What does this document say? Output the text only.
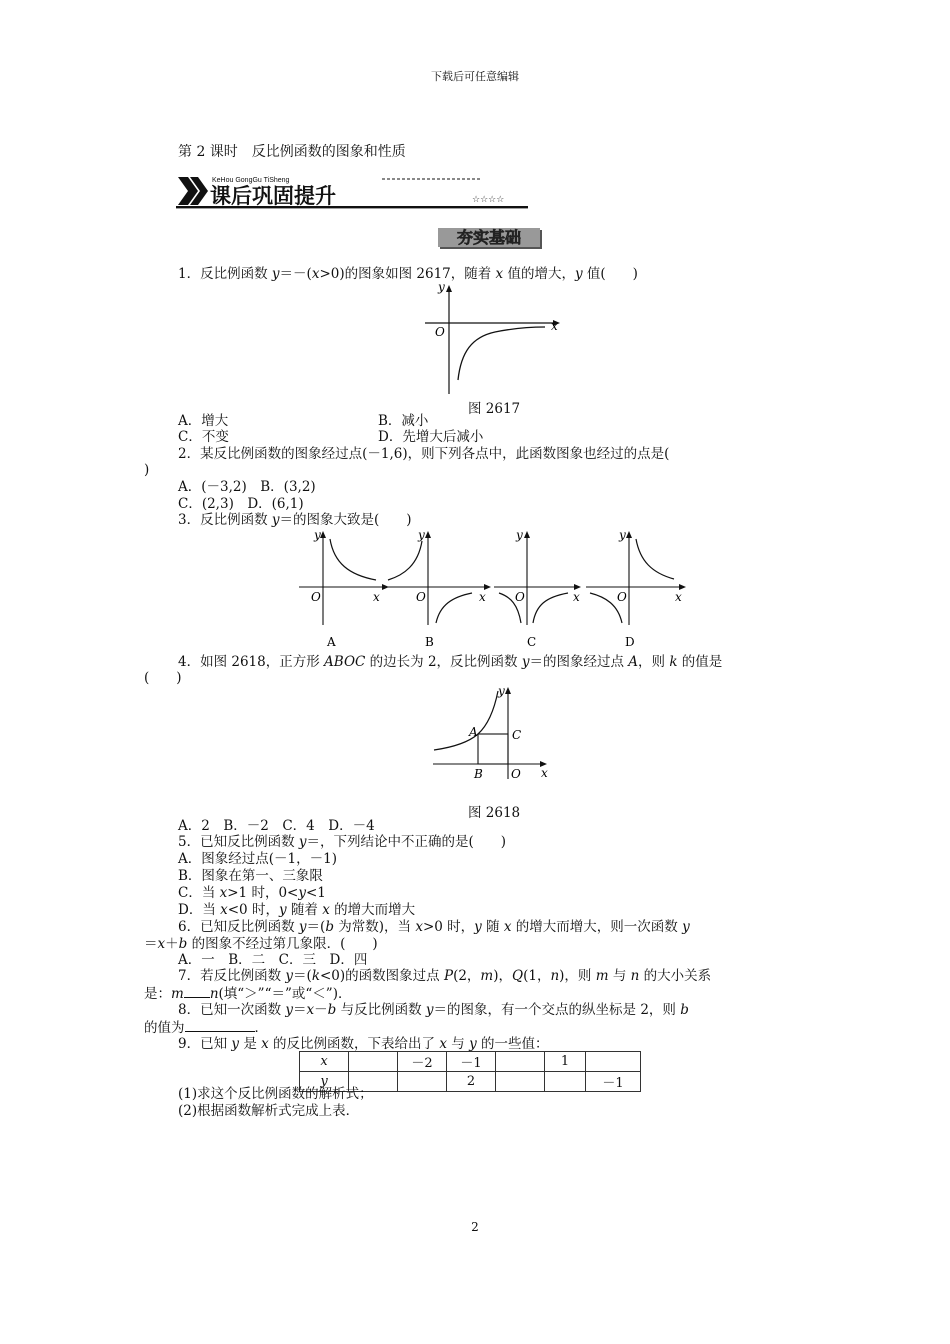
下载后可任意编辑
第 2 课时　反比例函数的图象和性质
KeHou GongGu TiSheng
课后巩固提升	☆☆☆☆
夯实基础
1．反比例函数 y＝－(x>0)的图象如图 2617，随着 x 值的增大，y 值(　　)
O	x
y
图 2617
A．增大	B．减小
C．不变	D．先增大后减小
2．某反比例函数的图象经过点(－1,6)，则下列各点中，此函数图象也经过的点是(
)
A．(－3,2)　B．(3,2)
C．(2,3)　D．(6,1)
3．反比例函数 y＝的图象大致是(　　)
O	x
y
A
O	x
y
B
O	x
y
C
O	x
y
D
4．如图 2618，正方形 ABOC 的边长为 2，反比例函数 y＝的图象经过点 A，则 k 的值是
(　　)
A
B
C
O x
y
图 2618
A．2　B．－2　C．4　D．－4
5．已知反比例函数 y＝，下列结论中不正确的是(　　)
A．图象经过点(－1，－1)
B．图象在第一、三象限
C．当 x>1 时，0<y<1
D．当 x<0 时，y 随着 x 的增大而增大
6．已知反比例函数 y＝(b 为常数)，当 x>0 时，y 随 x 的增大而增大，则一次函数 y
＝x＋b 的图象不经过第几象限．(　　)
A．一　B．二　C．三　D．四
7．若反比例函数 y＝(k<0)的函数图象过点 P(2，m)，Q(1，n)，则 m 与 n 的大小关系
是：m n(填“＞”“＝”或“＜”)．
8．已知一次函数 y＝x－b 与反比例函数 y＝的图象，有一个交点的纵坐标是 2，则 b
的值为	．
9．已知 y 是 x 的反比例函数，下表给出了 x 与 y 的一些值：
x		－2	－1		1	
y			2			－1
(1)求这个反比例函数的解析式；
(2)根据函数解析式完成上表．
2
